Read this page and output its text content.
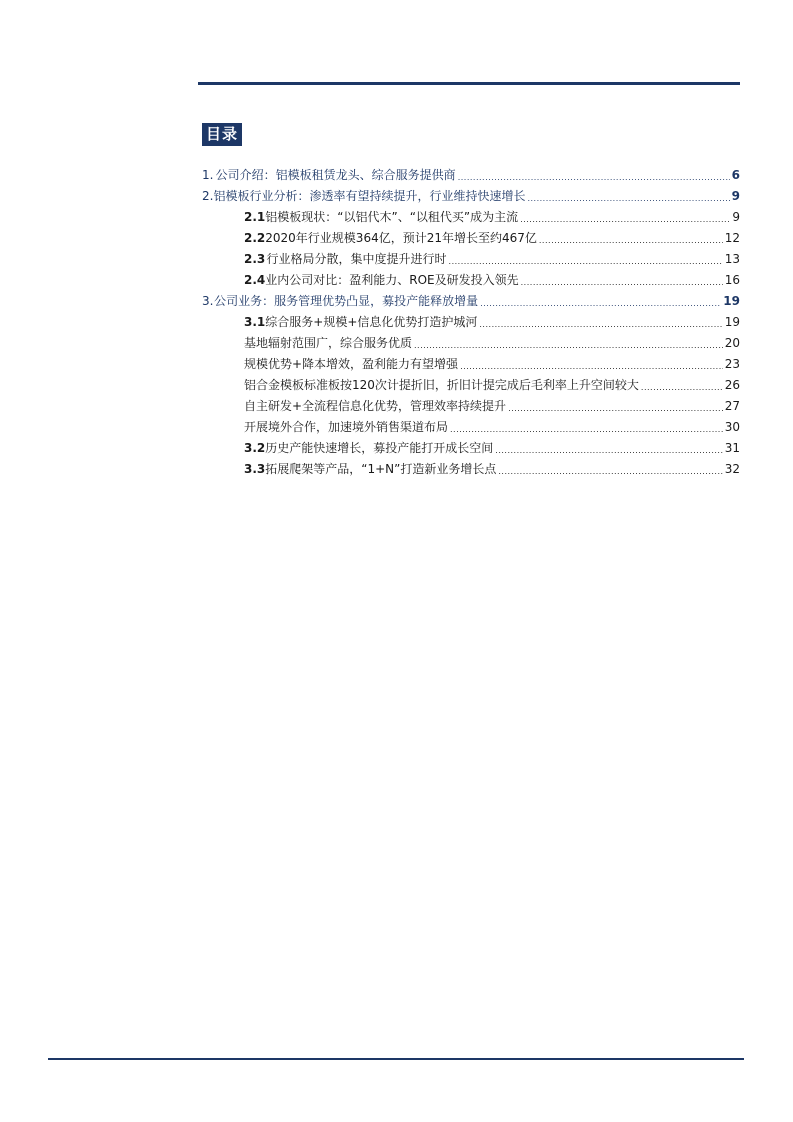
目录
1. 公司介绍：铝模板租赁龙头、综合服务提供商 .....	6
2. 铝模板行业分析：渗透率有望持续提升，行业维持快速增长 .....	9
2.1 铝模板现状：“以铝代木”、“以租代买”成为主流 .....	9
2.2 2020年行业规模364亿，预计21年增长至约467亿 .....	12
2.3 行业格局分散，集中度提升进行时 .....	13
2.4 业内公司对比：盈利能力、ROE及研发投入领先 .....	16
3. 公司业务：服务管理优势凸显，募投产能释放增量 .....	19
3.1 综合服务+规模+信息化优势打造护城河 .....	19
基地辐射范围广，综合服务优质 .....	20
规模优势+降本增效，盈利能力有望增强 .....	23
铝合金模板标准板按120次计提折旧，折旧计提完成后毛利率上升空间较大 .....	26
自主研发+全流程信息化优势，管理效率持续提升 .....	27
开展境外合作，加速境外销售渠道布局 .....	30
3.2 历史产能快速增长，募投产能打开成长空间 .....	31
3.3 拓展爬架等产品，“1+N”打造新业务增长点 .....	32
